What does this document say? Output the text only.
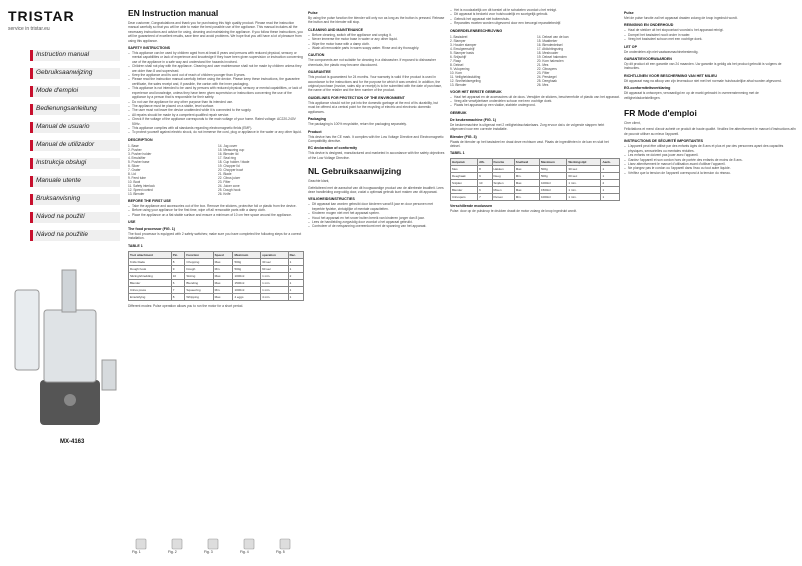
TRISTAR
service in tristar.eu
Instruction manual
Gebruiksaanwijzing
Mode d'emploi
Bedienungsanleitung
Manual de usuario
Manual de utilizador
Instrukcja obsługi
Manuale utente
Bruksanvisning
Návod na použití
Návod na použitie
MX-4163
EN Instruction manual
Dear customer, Congratulations and thank you for purchasing this high quality product. Please read the instruction manual carefully so that you will be able to make the best possible use of the appliance. This manual includes all the necessary instructions and advice for using, cleaning and maintaining the appliance. If you follow these instructions, you will be guaranteed of excellent results, save time and avoid problems. We hope that you will have a lot of pleasure from using this appliance.
SAFETY INSTRUCTIONS
– This appliance can be used by children aged from at least 8 years and persons with reduced physical, sensory or mental capabilities or lack of experience and knowledge if they have been given supervision or instruction concerning use of the appliance in a safe way and understand the hazards involved.
– Children shall not play with the appliance. Cleaning and user maintenance shall not be made by children unless they are older than 8 and supervised.
– Keep the appliance and its cord out of reach of children younger than 8 years.
– Please read the instruction manual carefully before using the device. Please keep these instructions, the guarantee certificate, the sales receipt and, if possible, the carton with the inner packaging.
– This appliance is not intended to be used by persons with reduced physical, sensory or mental capabilities, or lack of experience and knowledge, unless they have been given supervision or instructions concerning the use of the appliance by a person that is responsible for their safety.
– Do not use the appliance for any other purpose than its intended use.
– The appliance must be placed on a stable, level surface.
– The user must not leave the device unattended while it is connected to the supply.
– All repairs should be made by a competent qualified repair service.
– Check if the voltage of the appliance corresponds to the main voltage of your home. Rated voltage: AC220-240V 50Hz.
– This appliance complies with all standards regarding electromagnetic fields (EMF).
– To protect yourself against electric shock, do not immerse the cord, plug or appliance in the water or any other liquid.
DESCRIPTION
1. Base
2. Pusher
3. Pusher holder
4. Emulsifier
5. Pusher base
6. Slicer
7. Grater
8. Lid
9. Feed tube
10. Bowl
11. Safety interlock
12. Speed control
13. Blender
14. Jug cover
15. Measuring cup
16. Blender lid
17. Seal ring
18. Cup holder / blade
19. Chopper lid
20. Chopper bowl
21. Blade
22. Citrus juicer
23. Filter
24. Juicer cone
25. Dough hook
26. Knife
BEFORE THE FIRST USE
– Take the appliance and accessories out of the box. Remove the stickers, protective foil or plastic from the device.
– Before using your appliance for the first time, wipe off all removable parts with a damp cloth.
– Place the appliance on a flat stable surface and ensure a minimum of 10 cm free space around the appliance.
USE
The food processor (FIG. 1)
The food processor is equipped with 2 safety switches; make sure you have completed the following steps for a correct installation.
TABLE 1
Tool attachment	Pic.	Function	Speed	Maximum	operation	Rec.
Knife blade	8	Chopping	Max.	500g	30 sec	1
Dough hook	9	Dough	Min.	500g	60 sec	1
Slicing/shredding	10	Slicing	Max.	1000ml	1 min.	2
Blender	6	Blending	Max.	1500ml	1 min.	1
Citrus press	7	Squeezing	Min.	1000ml	1 min.	1
Emulsifying	8	Whipping	Max.	4 eggs	4 min.	1
Different modes: Pulse operation allows you to run the motor for a short period.
Fig. 1	Fig. 2	Fig. 3	Fig. 4	Fig. 5
Pulse
By using the pulse function the blender will only run as long as the button is pressed. Release the button and the blender will stop.
CLEANING AND MAINTENANCE
– Before cleaning, switch off the appliance and unplug it.
– Never immerse the motor base in water or any other liquid.
– Wipe the motor base with a damp cloth.
– Wash all removable parts in warm soapy water. Rinse and dry thoroughly.
CAUTION
The components are not suitable for cleaning in a dishwasher. If exposed to dishwasher chemicals, the plastic may become discoloured.
GUARANTEE
This product is guaranteed for 24 months. Your warranty is valid if the product is used in accordance to the instructions and for the purpose for which it was created. In addition, the original purchase (invoice, sales slip or receipt) is to be submitted with the date of purchase, the name of the retailer and the item number of the product.
GUIDELINES FOR PROTECTION OF THE ENVIRONMENT
This appliance should not be put into the domestic garbage at the end of its durability, but must be offered at a central point for the recycling of electric and electronic domestic appliances.
Packaging
The packaging is 100% recyclable, return the packaging separately.
Product
This device has the CE mark. It complies with the Low Voltage Directive and Electromagnetic Compatibility directive.
EC declaration of conformity
This device is designed, manufactured and marketed in accordance with the safety objectives of the Low Voltage Directive.
NL Gebruiksaanwijzing
Geachte klant,
Gefeliciteerd met de aanschaf van dit hoogwaardige product van de allerbeste kwaliteit. Lees deze handleiding zorgvuldig door, zodat u optimaal gebruik kunt maken van dit apparaat.
VEILIGHEIDSINSTRUCTIES
– Dit apparaat kan worden gebruikt door kinderen vanaf 8 jaar en door personen met beperkte fysieke, zintuiglijke of mentale capaciteiten.
– Kinderen mogen niet met het apparaat spelen.
– Houd het apparaat en het snoer buiten bereik van kinderen jonger dan 8 jaar.
– Lees de handleiding zorgvuldig door voordat u het apparaat gebruikt.
– Controleer of de netspanning overeenkomt met de spanning van het apparaat.
– Het is noodzakelijk om dit toestel uit te schakelen voordat u het reinigt.
– Dit apparaat is bedoeld voor huishoudelijk en soortgelijk gebruik.
– Gebruik het apparaat niet buitenshuis.
– Reparaties moeten worden uitgevoerd door een bevoegd reparatiebedrijf.
ONDERDELENBESCHRIJVING
1. Basisdeel
2. Stamper
3. Houder stamper
4. Emulgeerschijf
5. Stamper basis
6. Snijschijf
7. Rasp
8. Deksel
9. Vulopening
10. Kom
11. Veiligheidssluiting
12. Snelheidsregeling
13. Blender
14. Deksel van de kan
15. Maatbeker
16. Blenderdeksel
17. Afdichtingsring
18. Meshouder
19. Deksel hakmolen
20. Kom hakmolen
21. Mes
22. Citruspers
23. Filter
24. Perskegel
25. Deeghaak
26. Mes
VOOR HET EERSTE GEBRUIK
– Haal het apparaat en de accessoires uit de doos. Verwijder de stickers, beschermfolie of plastic van het apparaat.
– Veeg alle verwijderbare onderdelen schoon met een vochtige doek.
– Plaats het apparaat op een vlakke, stabiele ondergrond.
GEBRUIK
De keukenmachine (FIG. 1)
De keukenmachine is uitgerust met 2 veiligheidsschakelaars. Zorg ervoor dat u de volgende stappen hebt uitgevoerd voor een correcte installatie.
Blender (FIG. 3)
Plaats de blender op het basisdeel en draai deze rechtsom vast. Plaats de ingrediënten in de kan en sluit het deksel.
TABEL 1
Hulpstuk	Afb.	Functie	Snelheid	Maximum	Werkingstijd	Aanb.
Mes	8	Hakken	Max.	500g	30 sec	1
Deeghaak	9	Deeg	Min.	500g	60 sec	1
Snijden	10	Snijden	Max.	1000ml	1 min.	2
Blender	6	Mixen	Max.	1500ml	1 min.	1
Citruspers	7	Persen	Min.	1000ml	1 min.	1
Verschillende modussen
Pulse: door op de pulsknop te drukken draait de motor zolang de knop ingedrukt wordt.
Pulse
Met de pulse functie zal het apparaat draaien zolang de knop ingedrukt wordt.
REINIGING EN ONDERHOUD
– Haal de stekker uit het stopcontact voordat u het apparaat reinigt.
– Dompel het basisdeel nooit onder in water.
– Veeg het basisdeel schoon met een vochtige doek.
LET OP
De onderdelen zijn niet vaatwasmachinebestendig.
GARANTIEVOORWAARDEN
Op dit product zit een garantie van 24 maanden. Uw garantie is geldig als het product gebruikt is volgens de instructies.
RICHTLIJNEN VOOR BESCHERMING VAN HET MILIEU
Dit apparaat mag na afloop van zijn levensduur niet met het normale huishoudelijke afval worden afgevoerd.
EG-conformiteitsverklaring
Dit apparaat is ontworpen, vervaardigd en op de markt gebracht in overeenstemming met de veiligheidsdoelstellingen.
FR Mode d'emploi
Cher client,
Félicitations et merci d'avoir acheté ce produit de haute qualité. Veuillez lire attentivement le manuel d'instructions afin de pouvoir utiliser au mieux l'appareil.
INSTRUCTIONS DE SÉCURITÉ IMPORTANTES
– L'appareil peut être utilisé par des enfants âgés de 8 ans et plus et par des personnes ayant des capacités physiques, sensorielles ou mentales réduites.
– Les enfants ne doivent pas jouer avec l'appareil.
– Gardez l'appareil et son cordon hors de portée des enfants de moins de 8 ans.
– Lisez attentivement le manuel d'utilisation avant d'utiliser l'appareil.
– Ne plongez pas le cordon ou l'appareil dans l'eau ou tout autre liquide.
– Vérifiez que la tension de l'appareil correspond à la tension du réseau.
